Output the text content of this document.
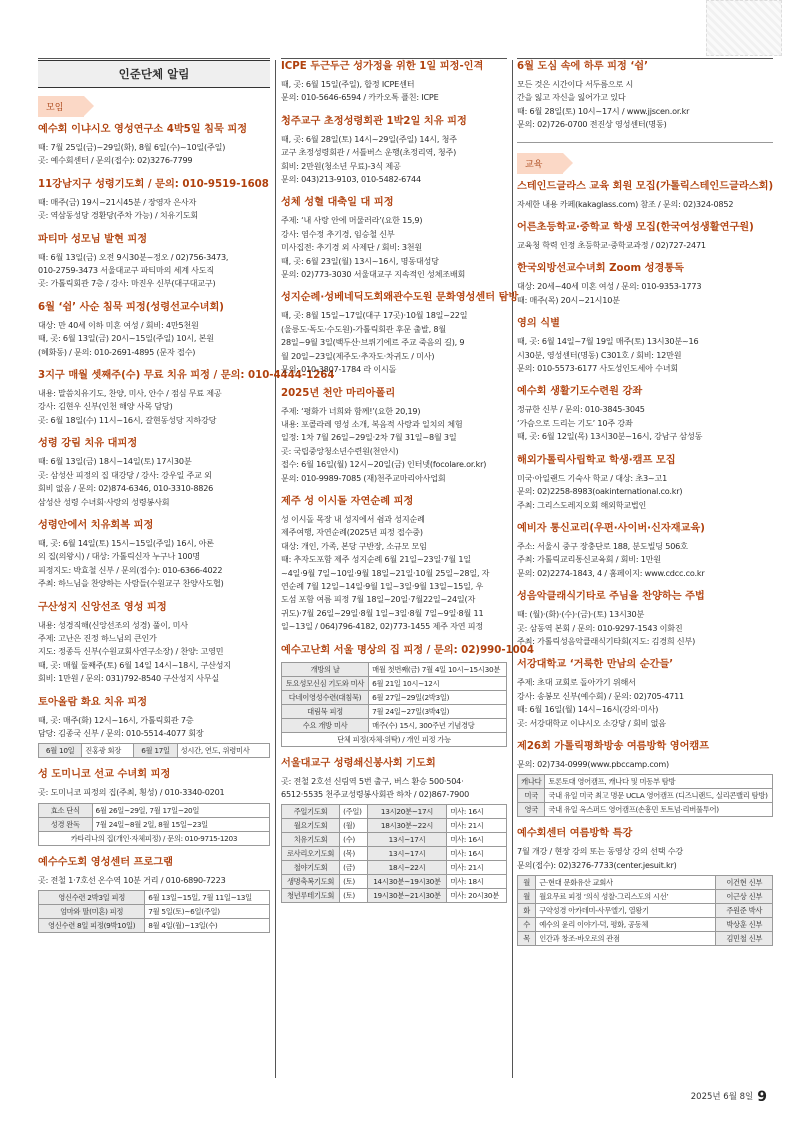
인준단체 알림
모임
예수회 이냐시오 영성연구소 4박5일 침묵 피정
때: 7월 25일(금)~29일(화), 8월 6일(수)~10일(주일)
곳: 예수회센터 / 문의(접수): 02)3276-7799
11강남지구 성령기도회 / 문의: 010-9519-1608
때: 매주(금) 19시~21시45분 / 장영자 은사자
곳: 역삼동성당 경환당(주차 가능) / 치유기도회
파티마 성모님 발현 피정
때: 6월 13일(금) 오전 9시30분~정오 / 02)756-3473,
010-2759-3473 서울대교구 파티마의 세계 사도직
곳: 가톨릭회관 7층 / 강사: 마진우 신부(대구대교구)
6월 ‘쉼’ 사순 침묵 피정(성령선교수녀회)
대상: 만 40세 이하 미혼 여성 / 회비: 4만5천원
때, 곳: 6월 13일(금) 20시~15일(주일) 10시, 본원
(혜화동) / 문의: 010-2691-4895 (문자 접수)
3지구 매월 셋째주(수) 무료 치유 피정 / 문의: 010-4444-1264
내용: 말씀치유기도, 찬양, 미사, 안수 / 점심 무료 제공
강사: 김현우 신부(인천 해양 사목 담당)
곳: 6월 18일(수) 11시~16시, 갈현동성당 지하강당
성령 강림 치유 대피정
때: 6월 13일(금) 18시~14일(토) 17시30분
곳: 삼성산 피정의 집 대강당 / 강사: 강우일 주교 외
회비 없음 / 문의: 02)874-6346, 010-3310-8826
삼성산 성령 수녀회·사랑의 성령봉사회
성령안에서 치유회복 피정
때, 곳: 6월 14일(토) 15시~15일(주일) 16시, 아론
의 집(의왕시) / 대상: 가톨릭신자 누구나 100명
피정지도: 박효철 신부 / 문의(접수): 010-6366-4022
주최: 하느님을 찬양하는 사람들(수원교구 찬양사도협)
구산성지 신앙선조 영성 피정
내용: 성경직해(신앙선조의 성경) 풀이, 미사
주제: 고난은 진정 하느님의 큰인가
지도: 정종득 신부(수원교회사연구소장) / 찬양: 고영민
때, 곳: 매월 둘째주(토) 6월 14일 14시~18시, 구산성지
회비: 1만원 / 문의: 031)792-8540 구산성지 사무실
토아올람 화요 치유 피정
때, 곳: 매주(화) 12시~16시, 가톨릭회관 7층
담당: 김종국 신부 / 문의: 010-5514-4077 회장
6월 10일	진홍광 회장	6월 17일	성시간, 연도, 위령미사
성 도미니코 선교 수녀회 피정
곳: 도미니코 피정의 집(주최, 횡성) / 010-3340-0201
효소 단식	6월 26일~29일, 7월 17일~20일
성경 완독	7월 24일~8월 2일, 8월 15일~23일
카타리나의 집(개인·자체피정) / 문의: 010-9715-1203	
예수수도회 영성센터 프로그램
곳: 전철 1·7호선 온수역 10분 거리 / 010-6890-7223
영신수련 2박3일 피정	6월 13일~15일, 7월 11일~13일
엄마와 딸(미혼) 피정	7월 5일(토)~6일(주일)
영신수련 8일 피정(9박10일)	8월 4일(월)~13일(수)
ICPE 두근두근 성가정을 위한 1일 피정-인격
때, 곳: 6월 15일(주일), 합정 ICPE센터
문의: 010-5646-6594 / 카카오톡 플친: ICPE
청주교구 초정성령회관 1박2일 치유 피정
때, 곳: 6월 28일(토) 14시~29일(주일) 14시, 청주
교구 초정성령회관 / 서틀버스 운행(초정리역, 청주)
회비: 2만원(청소년 무료)-3식 제공
문의: 043)213-9103, 010-5482-6744
성체 성혈 대축일 대 피정
주제: ‘내 사랑 안에 머물러라’(요한 15,9)
강사: 염수정 추기경, 임승철 신부
미사집전: 추기경 외 사제단 / 회비: 3천원
때, 곳: 6월 23일(월) 13시~16시, 명동대성당
문의: 02)773-3030 서울대교구 지속적인 성체조배회
성지순례·성베네딕도회왜관수도원 문화영성센터 탐방
때, 곳: 8월 15일~17일(대구 17곳)·10월 18일~22일
(울릉도·독도·수도원)-가톨릭회관 후문 출발, 8월
28일~9월 3일(백두산·브뤼기에르 주교 죽음의 길), 9
월 20일~23일(제주도·추자도·차귀도 / 미사)
문의: 010-3807-1784 라 이시돌
2025년 천안 마리아폴리
주제: ‘평화가 너희와 함께!’(요한 20,19)
내용: 포콜라레 영성 소개, 복음적 사랑과 일치의 체험
일정: 1차 7월 26일~29일·2차 7월 31일~8월 3일
곳: 국립중앙청소년수련원(천안시)
접수: 6월 16일(월) 12시~20일(금) 인터넷(focolare.or.kr)
문의: 010-9989-7085 (재)천주교마리아사업회
제주 성 이시돌 자연순례 피정
성 이시돌 목장 내 성지에서 쉼과 성지순례
제주여행, 자연순례(2025년 피정 접수중)
대상: 개인, 가족, 본당 구반장, 소규모 모임
때: 추자도포함 제주 성지순례 6월 21일~23일·7월 1일
~4일·9월 7일~10일·9월 18일~21일·10월 25일~28일, 자
연순례 7월 12일~14일·9월 1일~3일·9월 13일~15일, 우
도섬 포함 여름 피정 7월 18일~20일·7월22일~24일(자
귀도)·7월 26일~29일·8월 1일~3일·8월 7일~9일·8월 11
일~13일 / 064)796-4182, 02)773-1455 제주 자연 피정
예수고난회 서울 명상의 집 피정 / 문의: 02)990-1004
개방의 날	매월 첫번째(금) 7월 4일 10시~15시30분
토요성모신심 기도와 미사	6월 21일 10시~12시
다네이영성수련(대침묵)	6월 27일~29일(2박3일)
대림묵 피정	7월 24일~27일(3박4일)
수요 개방 미사	매주(수) 15시, 300주년 기념경당
단체 피정(자체·위탁) / 개인 피정 가능	
서울대교구 성령쇄신봉사회 기도회
곳: 전철 2호선 신림역 5번 출구, 버스 환승 500·504·
6512·5535 천주교성령봉사회관 하차 / 02)867-7900
주일기도회	(주일)	13시20분~17시	미사: 16시
월요기도회	(월)	18시30분~22시	미사: 21시
치유기도회	(수)	13시~17시	미사: 16시
로사리오기도회	(목)	13시~17시	미사: 16시
철야기도회	(금)	18시~22시	미사: 21시
생명축복기도회	(토)	14시30분~19시30분	미사: 18시
청년루테기도회	(토)	19시30분~21시30분	미사: 20시30분
6월 도심 속에 하루 피정 ‘쉼’
모든 것은 시간이다 서두름으로 시
간을 잃고 자신을 잃어가고 있다
때: 6월 28일(토) 10시~17시 / www.jjscen.or.kr
문의: 02)726-0700 전진상 영성센터(명동)
교육
스테인드글라스 교육 회원 모집(가톨릭스테인드글라스회)
자세한 내용 카페(kakaglass.com) 참조 / 문의: 02)324-0852
어른초등학교·중학교 학생 모집(한국여성생활연구원)
교육청 학력 인정 초등학교·중학교과정 / 02)727-2471
한국외방선교수녀회 Zoom 성경통독
대상: 20세~40세 미혼 여성 / 문의: 010-9353-1773
때: 매주(목) 20시~21시10분
영의 식별
때, 곳: 6월 14일~7월 19일 매주(토) 13시30분~16
시30분, 영성센터(명동) C301호 / 회비: 12만원
문의: 010-5573-6177 사도성인도세아 수녀회
예수회 생활기도수련원 강좌
정규한 신부 / 문의: 010-3845-3045
‘가슴으로 드리는 기도’ 10주 강좌
때, 곳: 6월 12일(목) 13시30분~16시, 강남구 삼성동
해외가톨릭사립학교 학생·캠프 모집
미국·아일랜드 기숙사 학교 / 대상: 초3~고1
문의: 02)2258-8983(oakinternational.co.kr)
주최: 그리스도레지오회 해외학교법인
예비자 통신교리(우편·사이버·신자재교육)
주소: 서울시 중구 장충단로 188, 분도빌딩 506호
주최: 가톨릭교리통신교육회 / 회비: 1만원
문의: 02)2274-1843, 4 / 홈페이지: www.cdcc.co.kr
성음악클래식기타로 주님을 찬양하는 주법
때: (월)·(화)·(수)·(금)·(토) 13시30분
곳: 삼동역 본회 / 문의: 010-9297-1543 이화진
주최: 가톨릭성음악클래식기타회(지도: 김경희 신부)
서강대학교 ‘거룩한 만남의 순간들’
주제: 초대 교회로 돌아가기 위해서
강사: 송봉모 신부(예수회) / 문의: 02)705-4711
때: 6월 16일(월) 14시~16시(강의·미사)
곳: 서강대학교 이냐시오 소강당 / 회비 없음
제26회 가톨릭평화방송 여름방학 영어캠프
문의: 02)734-0999(www.pbccamp.com)
캐나다	토론토대 영어캠프, 캐나다 및 미동부 탐방
미국	국내 유일 미국 최고 명문 UCLA 영어캠프 (디즈니랜드, 실리콘밸리 탐방)
영국	국내 유일 옥스퍼드 영어캠프(손흥민 토트넘·리버풀투어)
예수회센터 여름방학 특강
7월 개강 / 현장 강의 또는 동영상 강의 선택 수강
문의(접수): 02)3276-7733(center.jesuit.kr)
월	근·현대 문화유산 교회사	이건현 신부
월	월요무료 피정 ‘의식 성찰-그리스도의 시선’	이근상 신부
화	구약성경 아카데미-사무엘기, 열왕기	주원준 박사
수	예수의 윤리 이야기-덕, 평화, 공동체	박상훈 신부
목	인간과 창조-바오로의 관점	김민철 신부
2025년 6월 8일 9
